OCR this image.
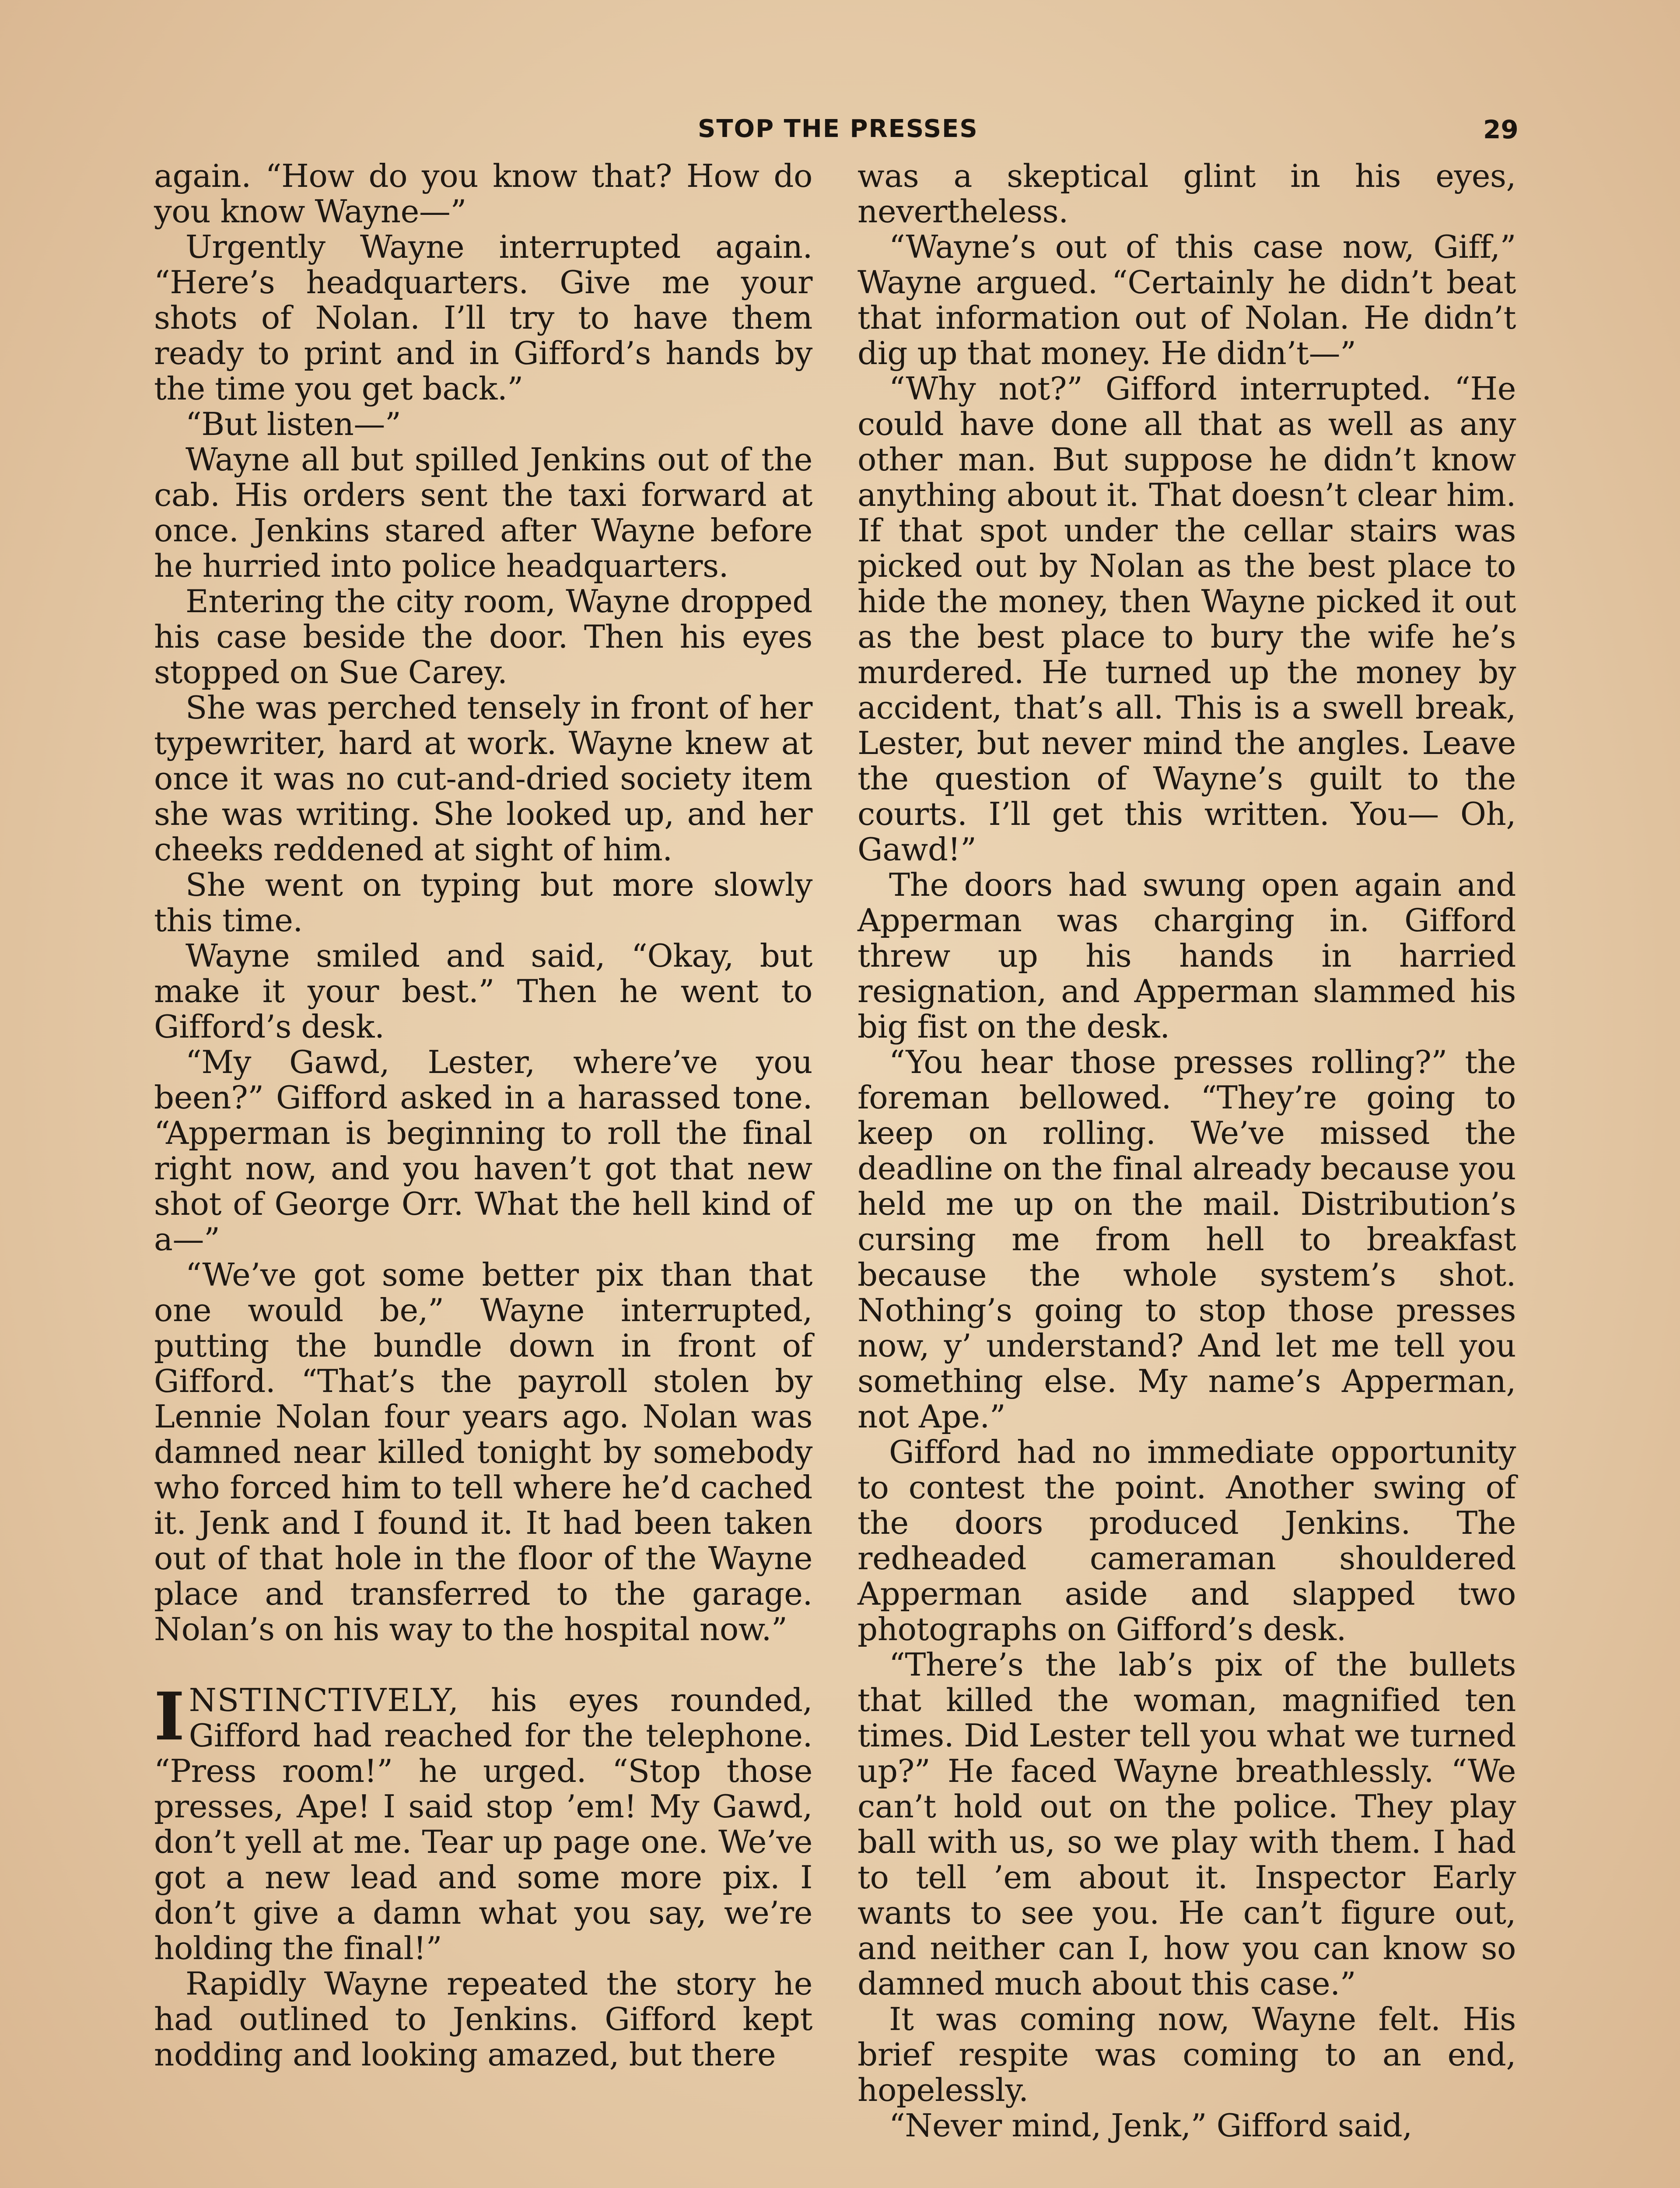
STOP THE PRESSES	29

again. “How do you know that? How do you know Wayne—”

Urgently Wayne interrupted again. “Here’s headquarters. Give me your shots of Nolan. I’ll try to have them ready to print and in Gifford’s hands by the time you get back.”

“But listen—”

Wayne all but spilled Jenkins out of the cab. His orders sent the taxi forward at once. Jenkins stared after Wayne before he hurried into police headquarters.

Entering the city room, Wayne dropped his case beside the door. Then his eyes stopped on Sue Carey.

She was perched tensely in front of her typewriter, hard at work. Wayne knew at once it was no cut-and-dried society item she was writing. She looked up, and her cheeks reddened at sight of him.

She went on typing but more slowly this time.

Wayne smiled and said, “Okay, but make it your best.” Then he went to Gifford’s desk.

“My Gawd, Lester, where’ve you been?” Gifford asked in a harassed tone. “Apperman is beginning to roll the final right now, and you haven’t got that new shot of George Orr. What the hell kind of a—”

“We’ve got some better pix than that one would be,” Wayne interrupted, putting the bundle down in front of Gifford. “That’s the payroll stolen by Lennie Nolan four years ago. Nolan was damned near killed tonight by somebody who forced him to tell where he’d cached it. Jenk and I found it. It had been taken out of that hole in the floor of the Wayne place and transferred to the garage. Nolan’s on his way to the hospital now.”

INSTINCTIVELY, his eyes rounded, Gifford had reached for the telephone. “Press room!” he urged. “Stop those presses, Ape! I said stop ’em! My Gawd, don’t yell at me. Tear up page one. We’ve got a new lead and some more pix. I don’t give a damn what you say, we’re holding the final!”

Rapidly Wayne repeated the story he had outlined to Jenkins. Gifford kept nodding and looking amazed, but there

was a skeptical glint in his eyes, nevertheless.

“Wayne’s out of this case now, Giff,” Wayne argued. “Certainly he didn’t beat that information out of Nolan. He didn’t dig up that money. He didn’t—”

“Why not?” Gifford interrupted. “He could have done all that as well as any other man. But suppose he didn’t know anything about it. That doesn’t clear him. If that spot under the cellar stairs was picked out by Nolan as the best place to hide the money, then Wayne picked it out as the best place to bury the wife he’s murdered. He turned up the money by accident, that’s all. This is a swell break, Lester, but never mind the angles. Leave the question of Wayne’s guilt to the courts. I’ll get this written. You— Oh, Gawd!”

The doors had swung open again and Apperman was charging in. Gifford threw up his hands in harried resignation, and Apperman slammed his big fist on the desk.

“You hear those presses rolling?” the foreman bellowed. “They’re going to keep on rolling. We’ve missed the deadline on the final already because you held me up on the mail. Distribution’s cursing me from hell to breakfast because the whole system’s shot. Nothing’s going to stop those presses now, y’ understand? And let me tell you something else. My name’s Apperman, not Ape.”

Gifford had no immediate opportunity to contest the point. Another swing of the doors produced Jenkins. The redheaded cameraman shouldered Apperman aside and slapped two photographs on Gifford’s desk.

“There’s the lab’s pix of the bullets that killed the woman, magnified ten times. Did Lester tell you what we turned up?” He faced Wayne breathlessly. “We can’t hold out on the police. They play ball with us, so we play with them. I had to tell ’em about it. Inspector Early wants to see you. He can’t figure out, and neither can I, how you can know so damned much about this case.”

It was coming now, Wayne felt. His brief respite was coming to an end, hopelessly.

“Never mind, Jenk,” Gifford said,
